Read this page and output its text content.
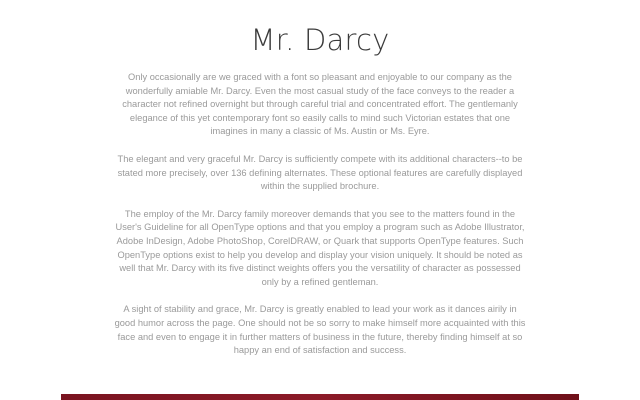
Mr. Darcy

Only occasionally are we graced with a font so pleasant and enjoyable to our company as the wonderfully amiable Mr. Darcy. Even the most casual study of the face conveys to the reader a character not refined overnight but through careful trial and concentrated effort. The gentlemanly elegance of this yet contemporary font so easily calls to mind such Victorian estates that one imagines in many a classic of Ms. Austin or Ms. Eyre.

The elegant and very graceful Mr. Darcy is sufficiently compete with its additional characters--to be stated more precisely, over 136 defining alternates. These optional features are carefully displayed within the supplied brochure.

The employ of the Mr. Darcy family moreover demands that you see to the matters found in the User's Guideline for all OpenType options and that you employ a program such as Adobe Illustrator, Adobe InDesign, Adobe PhotoShop, CorelDRAW, or Quark that supports OpenType features. Such OpenType options exist to help you develop and display your vision uniquely. It should be noted as well that Mr. Darcy with its five distinct weights offers you the versatility of character as possessed only by a refined gentleman.

A sight of stability and grace, Mr. Darcy is greatly enabled to lead your work as it dances airily in good humor across the page. One should not be so sorry to make himself more acquainted with this face and even to engage it in further matters of business in the future, thereby finding himself at so happy an end of satisfaction and success.
